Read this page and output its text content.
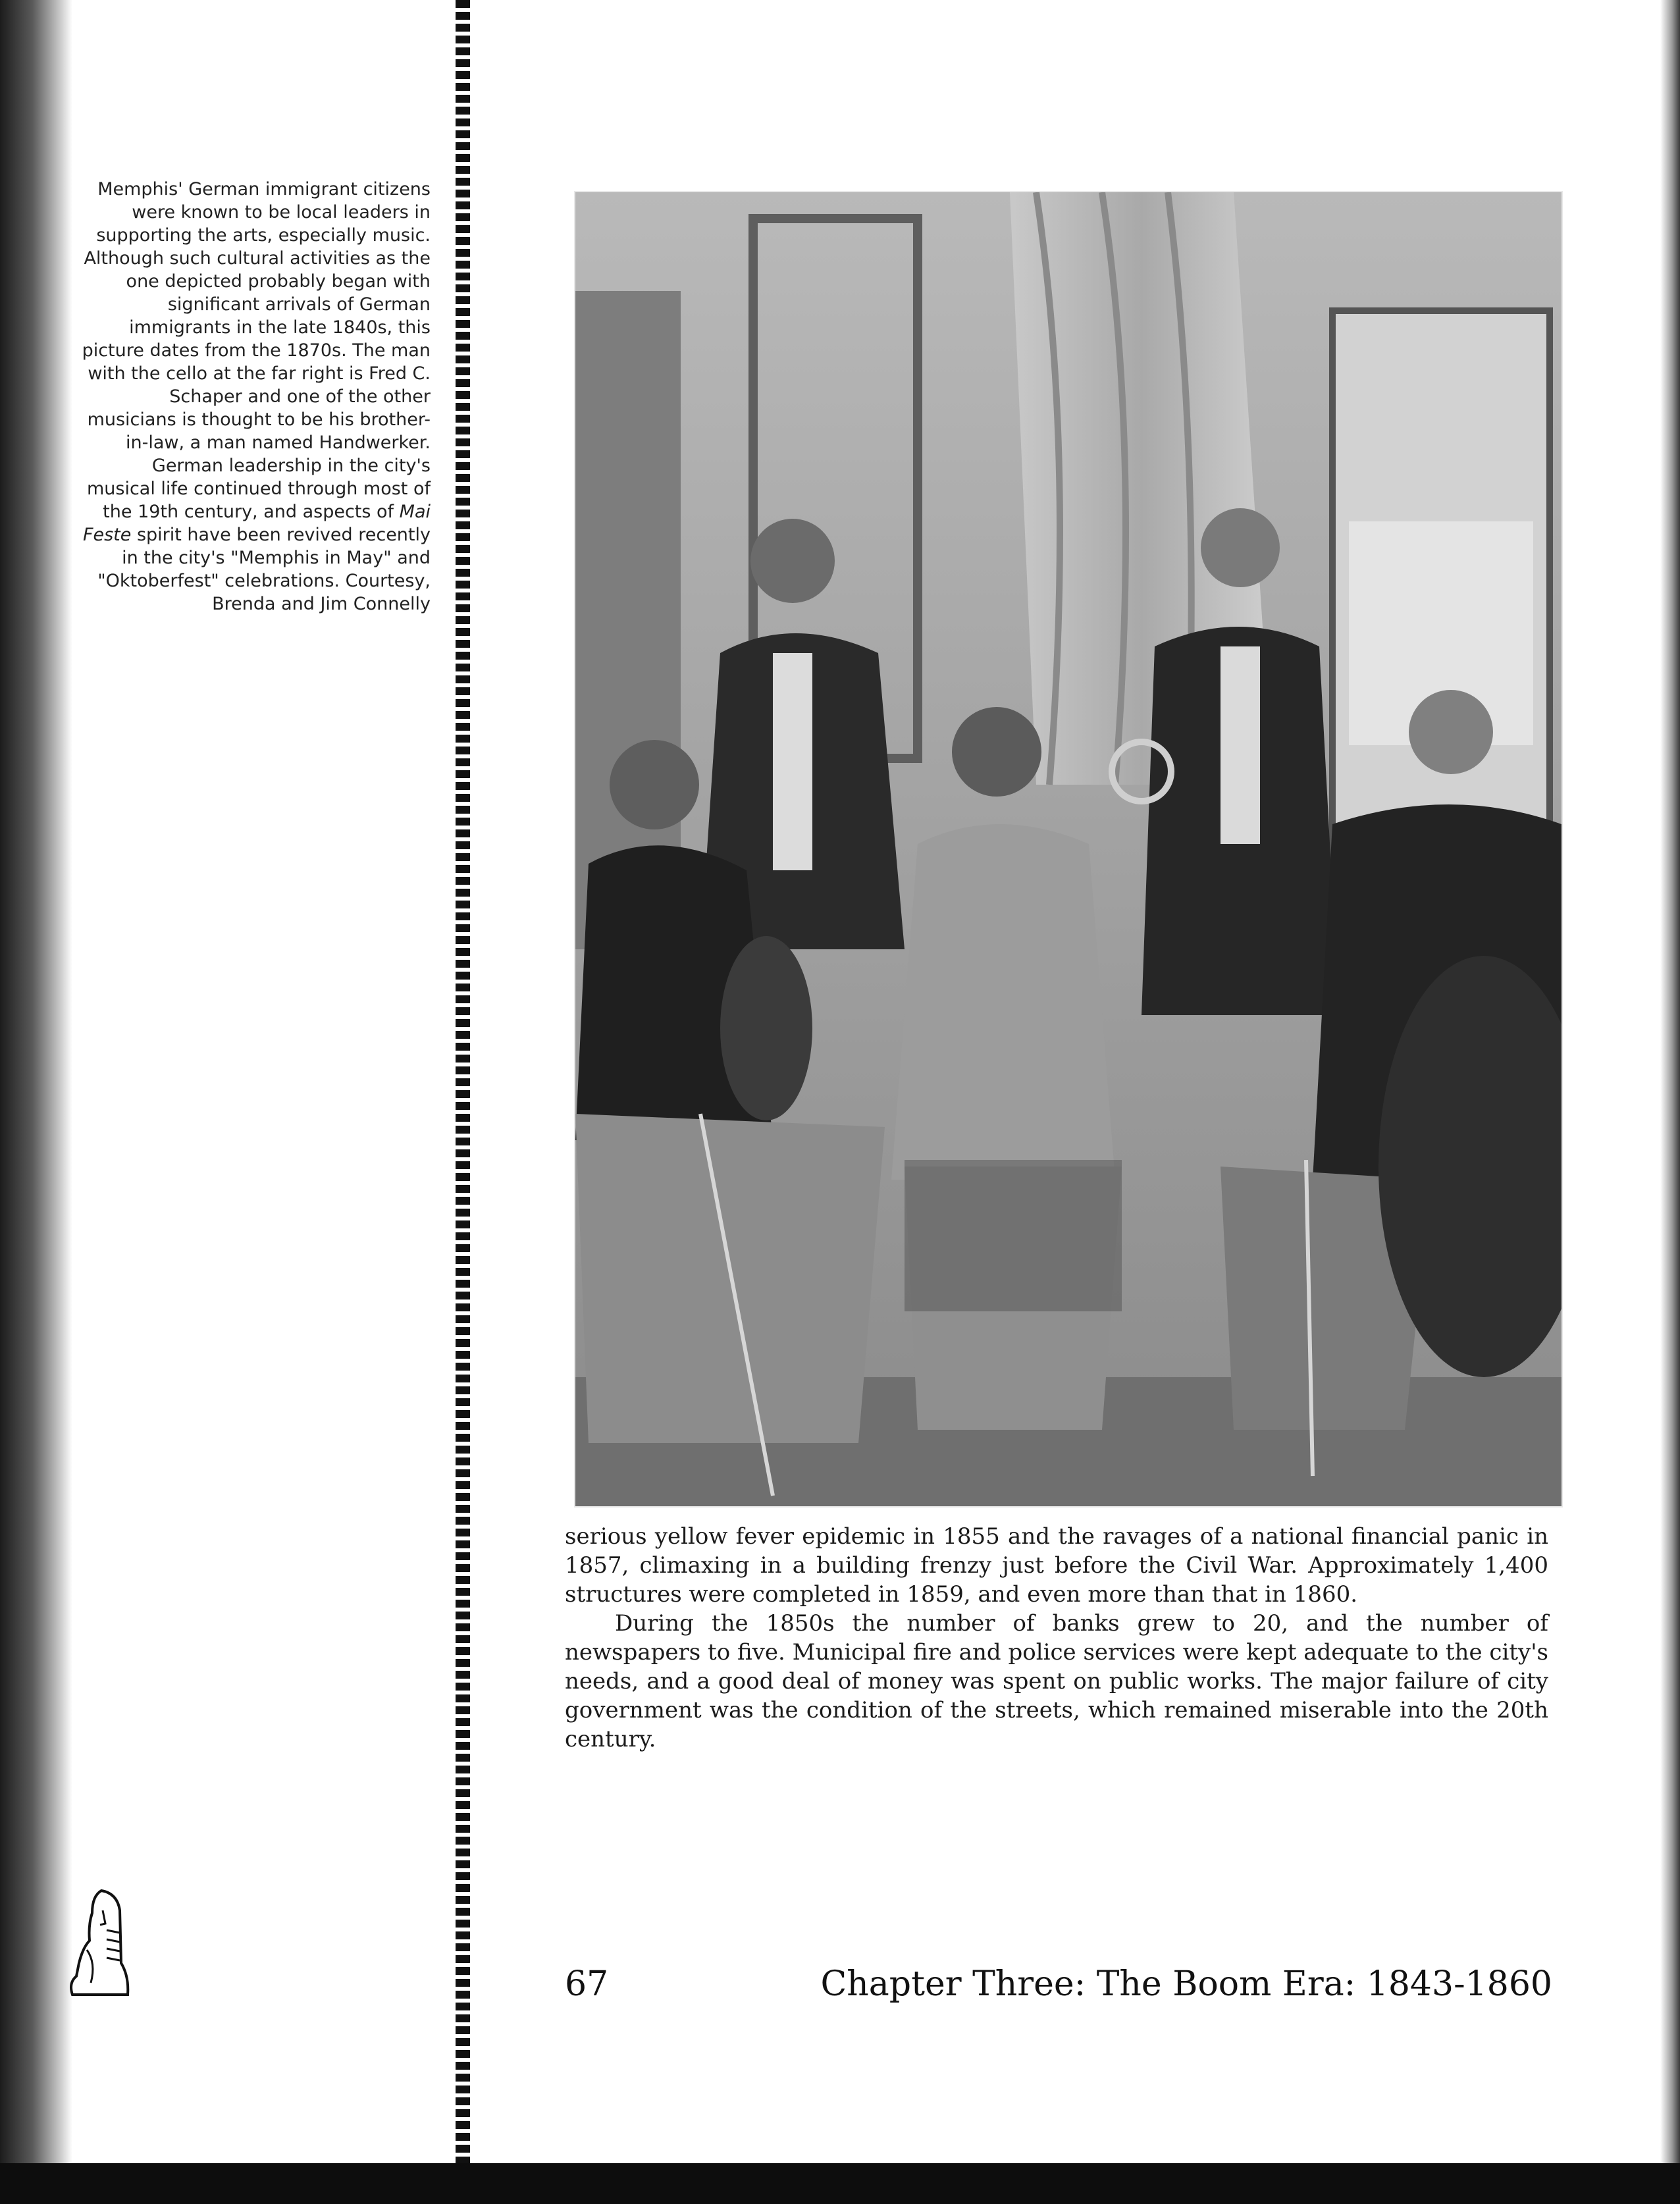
Memphis' German immigrant citizens were known to be local leaders in supporting the arts, especially music. Although such cultural activities as the one depicted probably began with significant arrivals of German immigrants in the late 1840s, this picture dates from the 1870s. The man with the cello at the far right is Fred C. Schaper and one of the other musicians is thought to be his brother-in-law, a man named Handwerker. German leadership in the city's musical life continued through most of the 19th century, and aspects of Mai Feste spirit have been revived recently in the city's "Memphis in May" and "Oktoberfest" celebrations. Courtesy, Brenda and Jim Connelly

serious yellow fever epidemic in 1855 and the ravages of a national financial panic in 1857, climaxing in a building frenzy just before the Civil War. Approximately 1,400 structures were completed in 1859, and even more than that in 1860.

During the 1850s the number of banks grew to 20, and the number of newspapers to five. Municipal fire and police services were kept adequate to the city's needs, and a good deal of money was spent on public works. The major failure of city government was the condition of the streets, which remained miserable into the 20th century.

67	Chapter Three: The Boom Era: 1843-1860
